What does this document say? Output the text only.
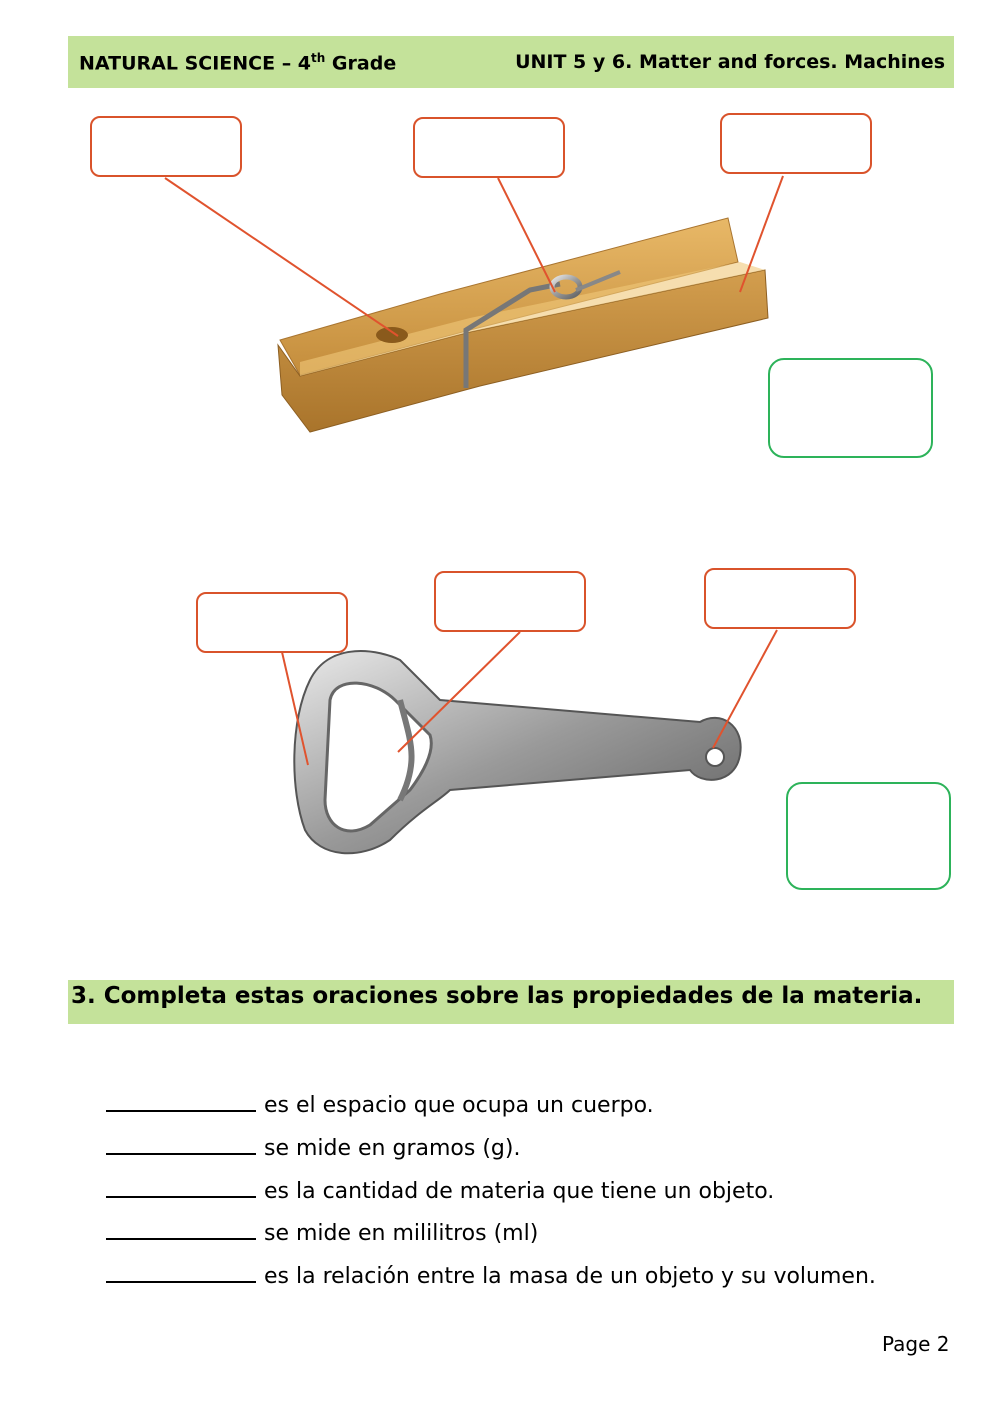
NATURAL SCIENCE – 4th Grade	UNIT 5 y 6. Matter and forces. Machines
3. Completa estas oraciones sobre las propiedades de la materia.
es el espacio que ocupa un cuerpo.
se mide en gramos (g).
es la cantidad de materia que tiene un objeto.
se mide en mililitros (ml)
es la relación entre la masa de un objeto y su volumen.
Page 2
